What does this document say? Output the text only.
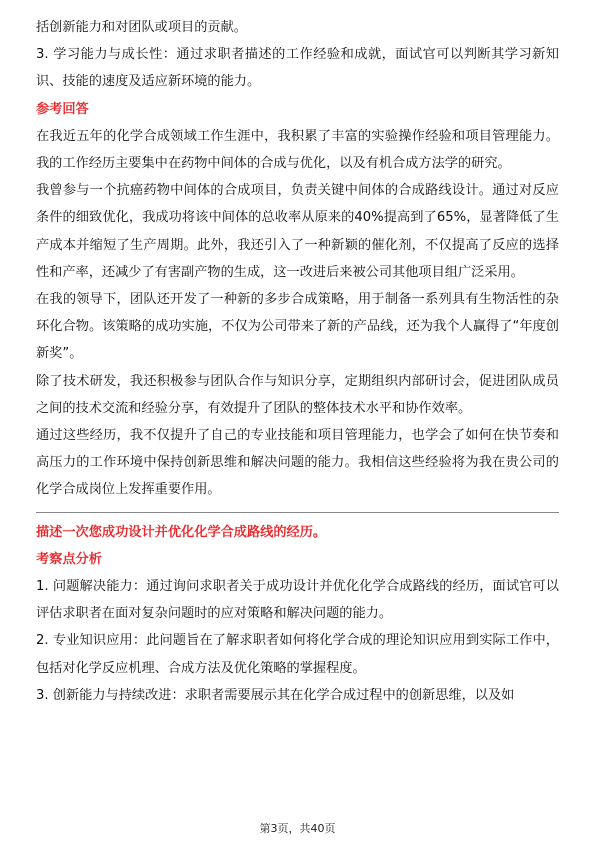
括创新能力和对团队或项目的贡献。

3. 学习能力与成长性：通过求职者描述的工作经验和成就，面试官可以判断其学习新知识、技能的速度及适应新环境的能力。

参考回答

在我近五年的化学合成领域工作生涯中，我积累了丰富的实验操作经验和项目管理能力。我的工作经历主要集中在药物中间体的合成与优化，以及有机合成方法学的研究。

我曾参与一个抗癌药物中间体的合成项目，负责关键中间体的合成路线设计。通过对反应条件的细致优化，我成功将该中间体的总收率从原来的40%提高到了65%，显著降低了生产成本并缩短了生产周期。此外，我还引入了一种新颖的催化剂，不仅提高了反应的选择性和产率，还减少了有害副产物的生成，这一改进后来被公司其他项目组广泛采用。

在我的领导下，团队还开发了一种新的多步合成策略，用于制备一系列具有生物活性的杂环化合物。该策略的成功实施，不仅为公司带来了新的产品线，还为我个人赢得了“年度创新奖”。

除了技术研发，我还积极参与团队合作与知识分享，定期组织内部研讨会，促进团队成员之间的技术交流和经验分享，有效提升了团队的整体技术水平和协作效率。

通过这些经历，我不仅提升了自己的专业技能和项目管理能力，也学会了如何在快节奏和高压力的工作环境中保持创新思维和解决问题的能力。我相信这些经验将为我在贵公司的化学合成岗位上发挥重要作用。

描述一次您成功设计并优化化学合成路线的经历。

考察点分析

1. 问题解决能力：通过询问求职者关于成功设计并优化化学合成路线的经历，面试官可以评估求职者在面对复杂问题时的应对策略和解决问题的能力。

2. 专业知识应用：此问题旨在了解求职者如何将化学合成的理论知识应用到实际工作中，包括对化学反应机理、合成方法及优化策略的掌握程度。

3. 创新能力与持续改进：求职者需要展示其在化学合成过程中的创新思维，以及如

第3页，共40页
